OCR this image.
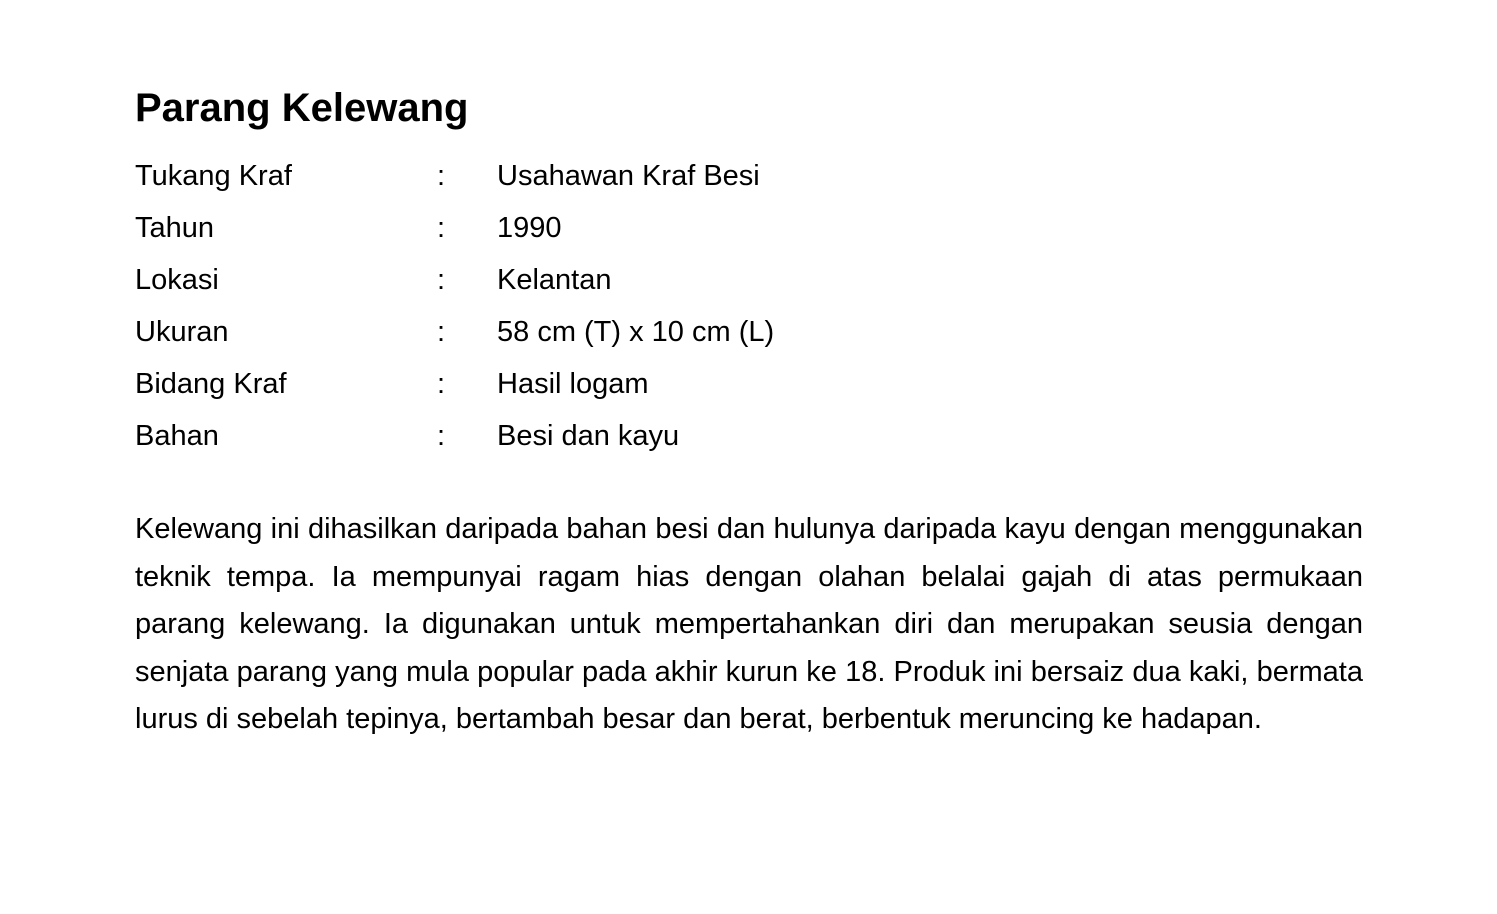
Parang Kelewang
Tukang Kraf	:	Usahawan Kraf Besi
Tahun	:	1990
Lokasi	:	Kelantan
Ukuran	:	58 cm (T) x 10 cm (L)
Bidang Kraf	:	Hasil logam
Bahan	:	Besi dan kayu

Kelewang ini dihasilkan daripada bahan besi dan hulunya daripada kayu dengan menggunakan teknik tempa. Ia mempunyai ragam hias dengan olahan belalai gajah di atas permukaan parang kelewang. Ia digunakan untuk mempertahankan diri dan merupakan seusia dengan senjata parang yang mula popular pada akhir kurun ke 18. Produk ini bersaiz dua kaki, bermata lurus di sebelah tepinya, bertambah besar dan berat, berbentuk meruncing ke hadapan.
